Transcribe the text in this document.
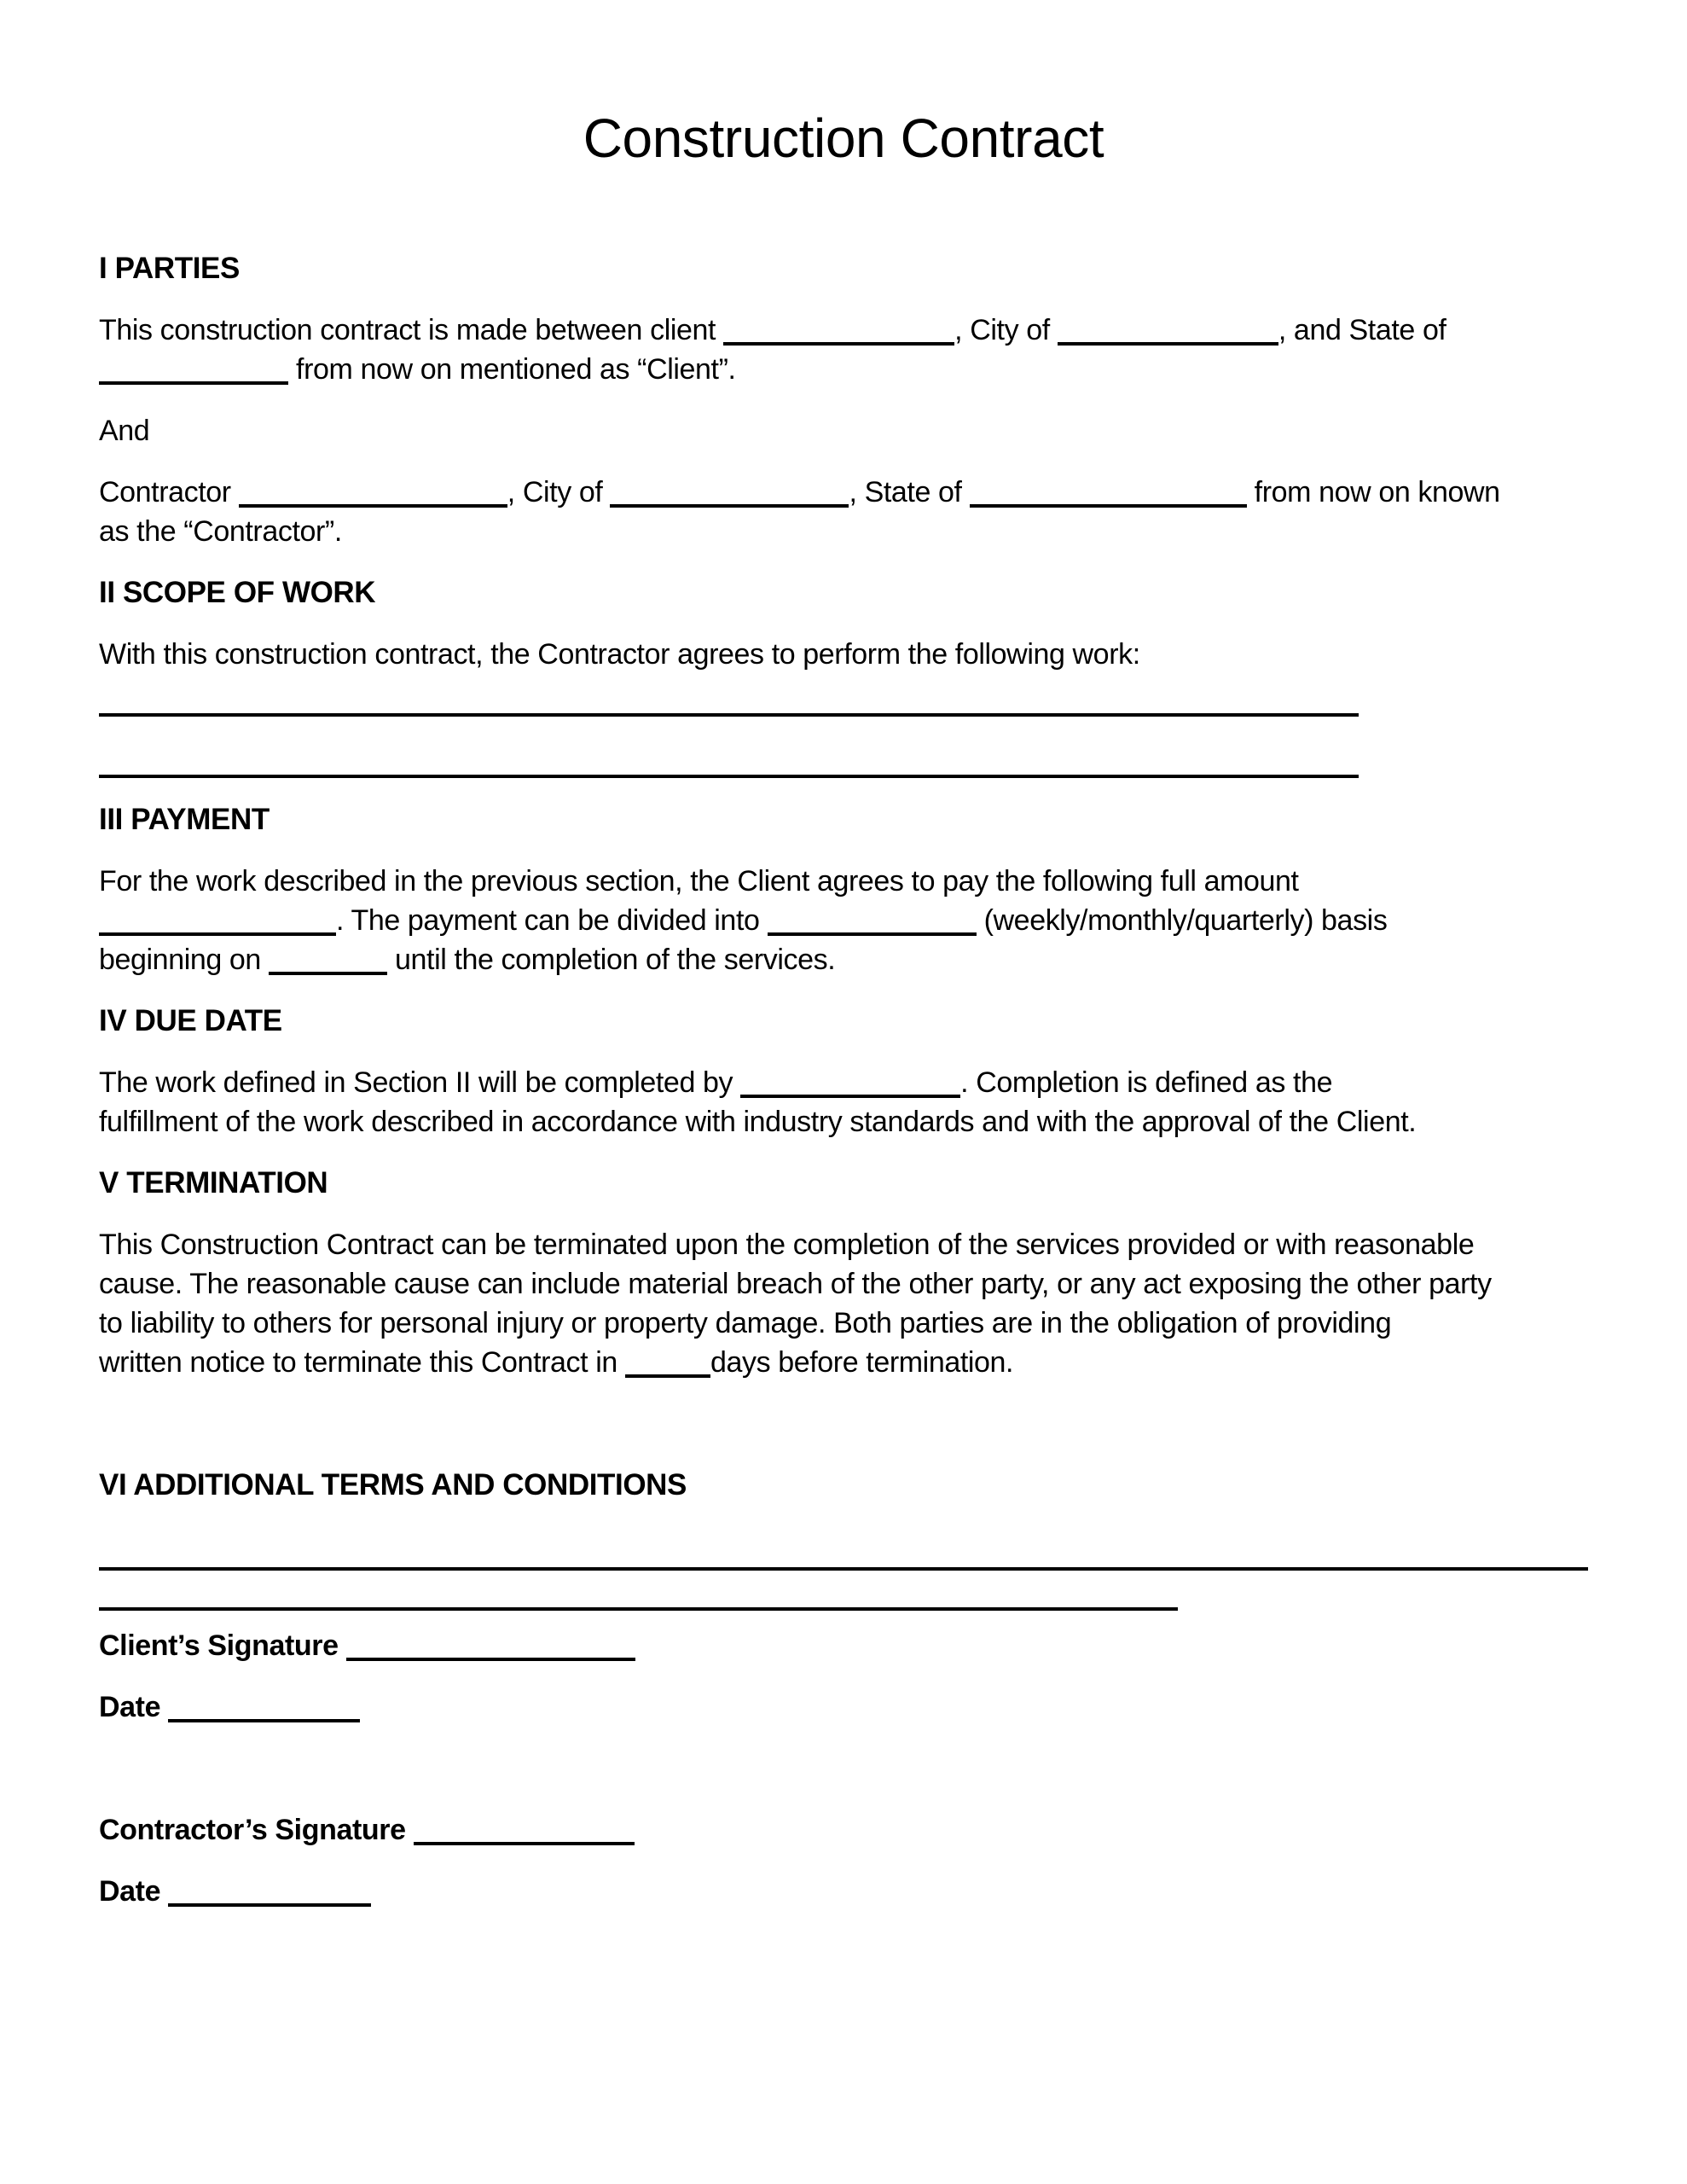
Construction Contract
I PARTIES

This construction contract is made between client	, City of	, and State of
from now on mentioned as “Client”.

And

Contractor	, City of	, State of	from now on known
as the “Contractor”.

II SCOPE OF WORK

With this construction contract, the Contractor agrees to perform the following work:

III PAYMENT

For the work described in the previous section, the Client agrees to pay the following full amount
. The payment can be divided into	(weekly/monthly/quarterly) basis
beginning on	until the completion of the services.

IV DUE DATE

The work defined in Section II will be completed by	. Completion is defined as the
fulfillment of the work described in accordance with industry standards and with the approval of the Client.

V TERMINATION

This Construction Contract can be terminated upon the completion of the services provided or with reasonable
cause. The reasonable cause can include material breach of the other party, or any act exposing the other party
to liability to others for personal injury or property damage. Both parties are in the obligation of providing
written notice to terminate this Contract in	days before termination.

VI ADDITIONAL TERMS AND CONDITIONS

Client’s Signature

Date

Contractor’s Signature

Date
